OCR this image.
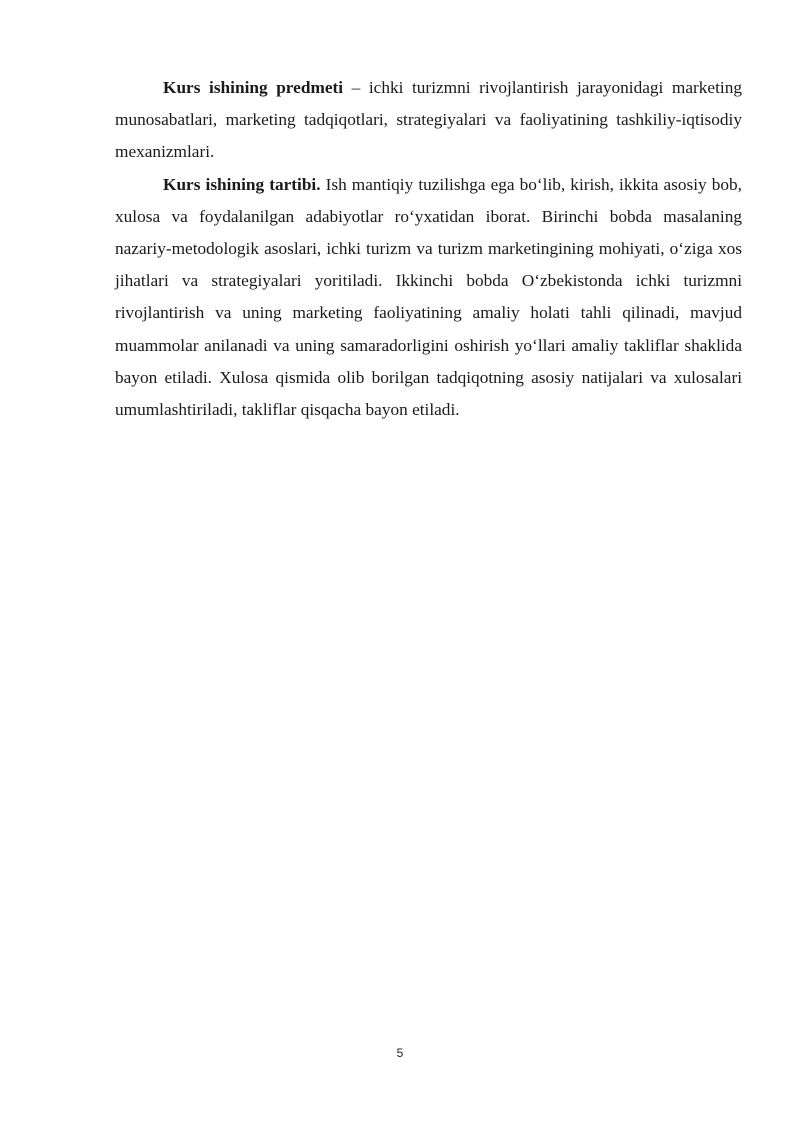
Kurs ishining predmeti – ichki turizmni rivojlantirish jarayonidagi marketing munosabatlari, marketing tadqiqotlari, strategiyalari va faoliyatining tashkiliy-iqtisodiy mexanizmlari.

Kurs ishining tartibi. Ish mantiqiy tuzilishga ega bo‘lib, kirish, ikkita asosiy bob, xulosa va foydalanilgan adabiyotlar ro‘yxatidan iborat. Birinchi bobda masalaning nazariy-metodologik asoslari, ichki turizm va turizm marketingining mohiyati, o‘ziga xos jihatlari va strategiyalari yoritiladi. Ikkinchi bobda O‘zbekistonda ichki turizmni rivojlantirish va uning marketing faoliyatining amaliy holati tahli qilinadi, mavjud muammolar anilanadi va uning samaradorligini oshirish yo‘llari amaliy takliflar shaklida bayon etiladi. Xulosa qismida olib borilgan tadqiqotning asosiy natijalari va xulosalari umumlashtiriladi, takliflar qisqacha bayon etiladi.

5
